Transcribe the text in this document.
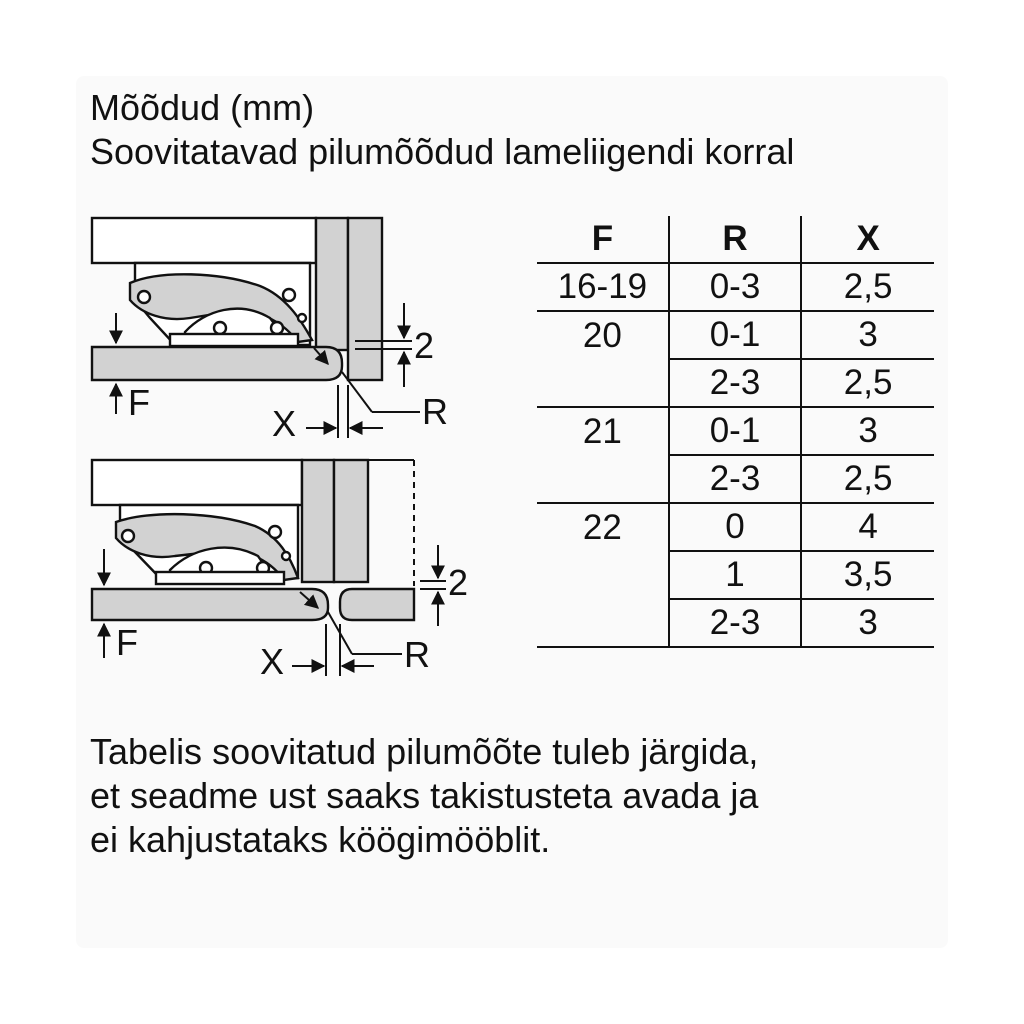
Mõõdud (mm)
Soovitatavad pilumõõdud lameliigendi korral
F
2
R
X
F
2
R
X
F	R	X
16-19	0-3	2,5
20	0-1	3
	2-3	2,5
21	0-1	3
	2-3	2,5
22	0	4
	1	3,5
	2-3	3
Tabelis soovitatud pilumõõte tuleb järgida,
et seadme ust saaks takistusteta avada ja
ei kahjustataks köögimööblit.
